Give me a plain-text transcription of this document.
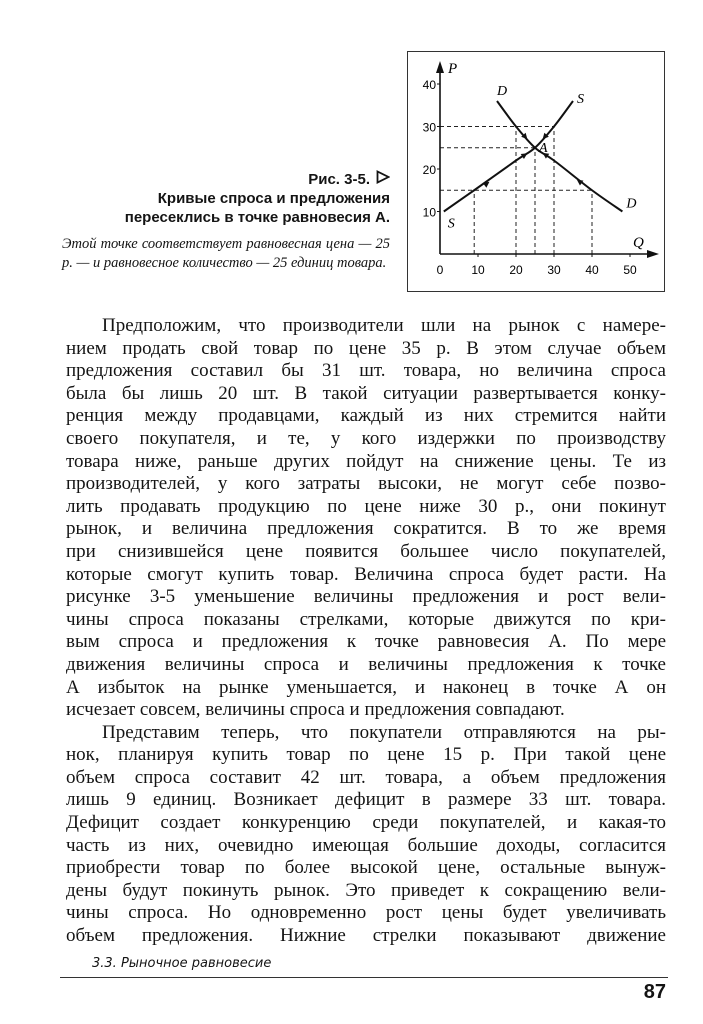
P
Q
10
20
30
40
0 10 20 30 40 50
D
D
S
S
A
Рис. 3-5.
Кривые спроса и предложения
пересеклись в точке равновесия А.
Этой точке соответствует равновесная цена — 25 р. — и равновесное количество — 25 единиц товара.
Предположим, что производители шли на рынок с намере-
нием продать свой товар по цене 35 р. В этом случае объем
предложения составил бы 31 шт. товара, но величина спроса
была бы лишь 20 шт. В такой ситуации развертывается конку-
ренция между продавцами, каждый из них стремится найти
своего покупателя, и те, у кого издержки по производству
товара ниже, раньше других пойдут на снижение цены. Те из
производителей, у кого затраты высоки, не могут себе позво-
лить продавать продукцию по цене ниже 30 р., они покинут
рынок, и величина предложения сократится. В то же время
при снизившейся цене появится большее число покупателей,
которые смогут купить товар. Величина спроса будет расти. На
рисунке 3-5 уменьшение величины предложения и рост вели-
чины спроса показаны стрелками, которые движутся по кри-
вым спроса и предложения к точке равновесия А. По мере
движения величины спроса и величины предложения к точке
А избыток на рынке уменьшается, и наконец в точке А он
исчезает совсем, величины спроса и предложения совпадают.
Представим теперь, что покупатели отправляются на ры-
нок, планируя купить товар по цене 15 р. При такой цене
объем спроса составит 42 шт. товара, а объем предложения
лишь 9 единиц. Возникает дефицит в размере 33 шт. товара.
Дефицит создает конкуренцию среди покупателей, и какая-то
часть из них, очевидно имеющая большие доходы, согласится
приобрести товар по более высокой цене, остальные вынуж-
дены будут покинуть рынок. Это приведет к сокращению вели-
чины спроса. Но одновременно рост цены будет увеличивать
объем предложения. Нижние стрелки показывают движение
3.3. Рыночное равновесие
87
